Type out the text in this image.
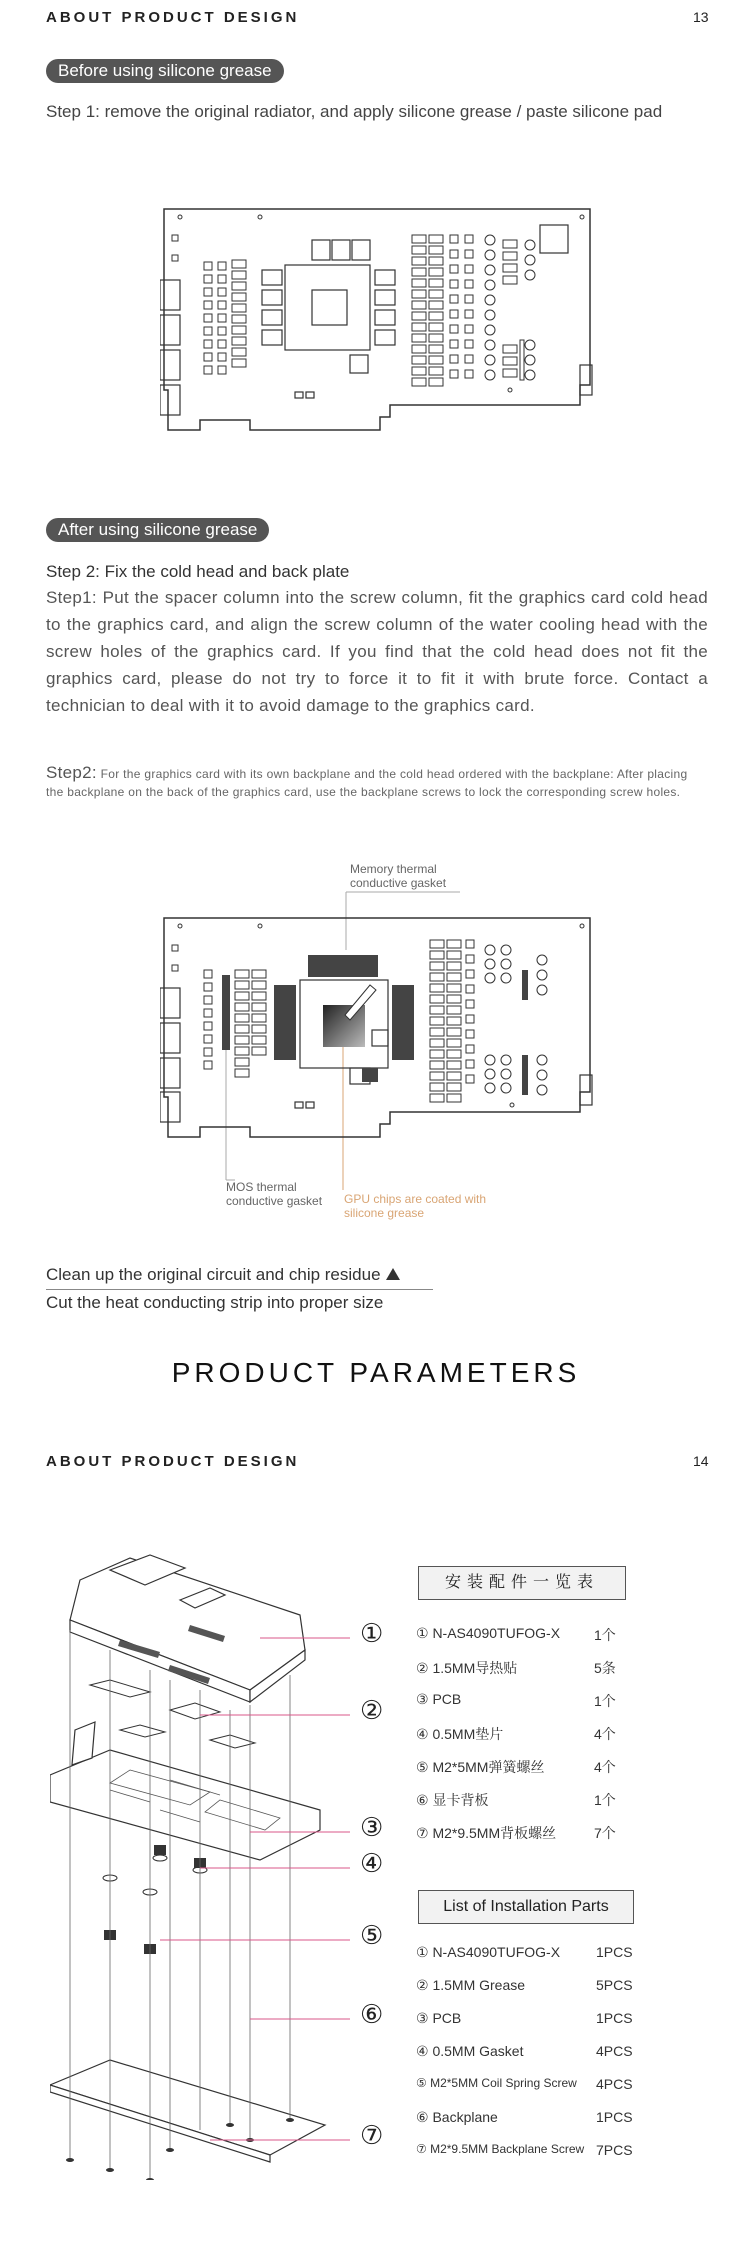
ABOUT PRODUCT DESIGN	13
Before using silicone grease
Step 1: remove the original radiator, and apply silicone grease / paste silicone pad
After using silicone grease
Step 2: Fix the cold head and back plate
Step1: Put the spacer column into the screw column, fit the graphics card cold head to the graphics card, and align the screw column of the water cooling head with the screw holes of the graphics card. If you find that the cold head does not fit the graphics card, please do not try to force it to fit it with brute force. Contact a technician to deal with it to avoid damage to the graphics card.
Step2: For the graphics card with its own backplane and the cold head ordered with the backplane: After placing the backplane on the back of the graphics card, use the backplane screws to lock the corresponding screw holes.
Memory thermal conductive gasket
MOS thermal conductive gasket	GPU chips are coated with silicone grease
Clean up the original circuit and chip residue
Cut the heat conducting strip into proper size
PRODUCT PARAMETERS
ABOUT PRODUCT DESIGN	14
①
②
③
④
⑤
⑥
⑦
安装配件一览表
① N-AS4090TUFOG-X 1个
② 1.5MM导热贴	5条
③ PCB	1个
④ 0.5MM垫片	4个
⑤ M2*5MM弹簧螺丝	4个
⑥ 显卡背板	1个
⑦ M2*9.5MM背板螺丝	7个
List of Installation Parts
① N-AS4090TUFOG-X	1PCS
② 1.5MM Grease	5PCS
③ PCB	1PCS
④ 0.5MM Gasket	4PCS
⑤ M2*5MM Coil Spring Screw 4PCS
⑥ Backplane	1PCS
⑦ M2*9.5MM Backplane Screw 7PCS
